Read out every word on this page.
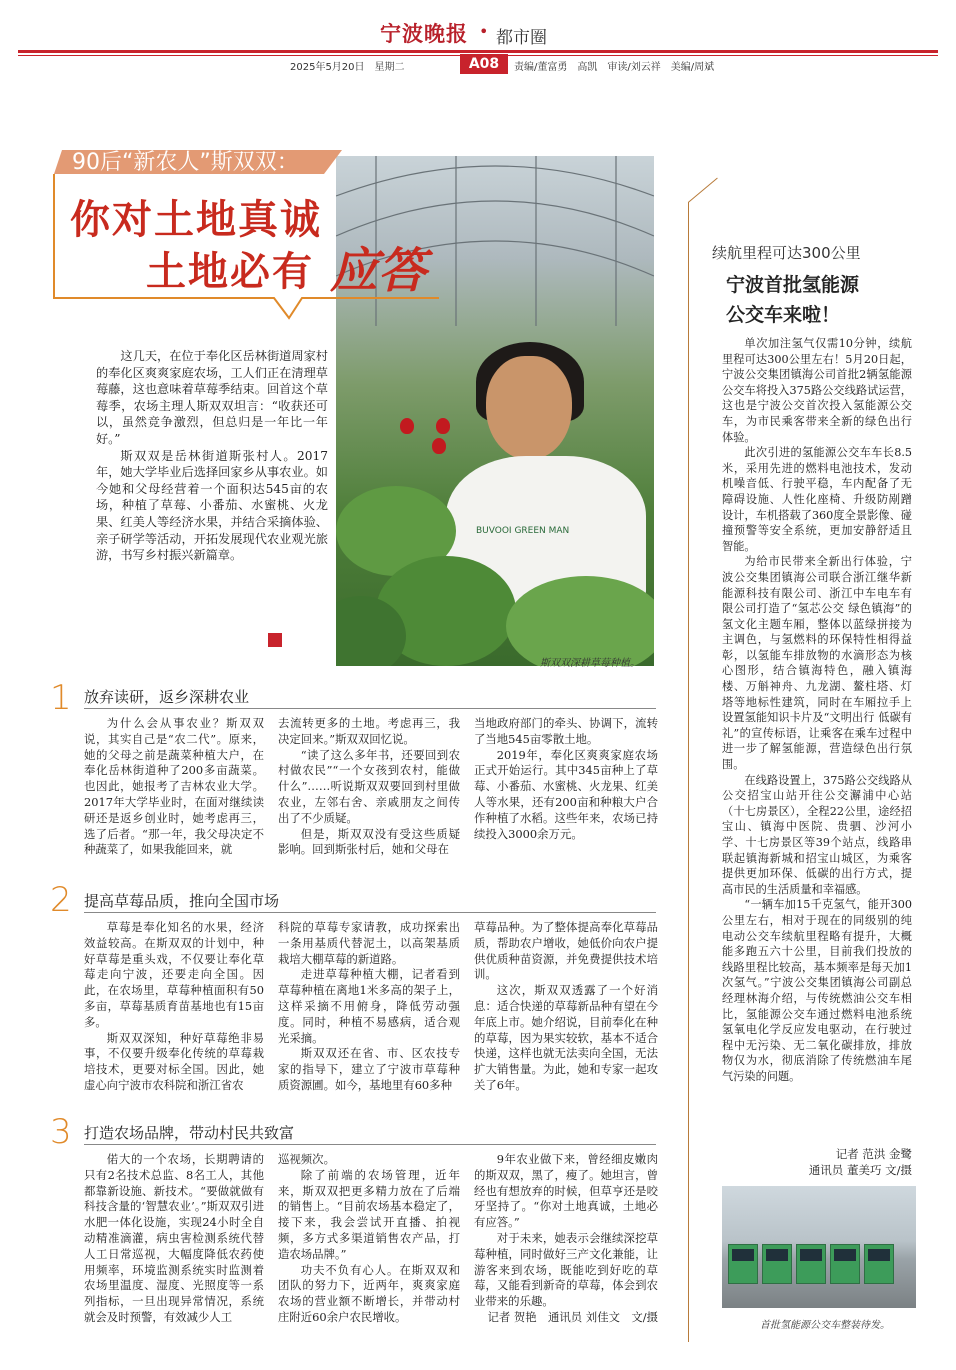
宁波晚报 • 都市圈
2025年5月20日　星期二	A08	责编/董富勇　高凯　审读/刘云祥　美编/周斌
BUVOOI GREEN MAN
斯双双深耕草莓种植。
90后“新农人”斯双双：
你对土地真诚
土地必有 应答

这几天，在位于奉化区岳林街道周家村的奉化区爽爽家庭农场，工人们正在清理草莓藤，这也意味着草莓季结束。回首这个草莓季，农场主理人斯双双坦言：“收获还可以，虽然竞争激烈，但总归是一年比一年好。”

斯双双是岳林街道斯张村人。2017年，她大学毕业后选择回家乡从事农业。如今她和父母经营着一个面积达545亩的农场，种植了草莓、小番茄、水蜜桃、火龙果、红美人等经济水果，并结合采摘体验、亲子研学等活动，开拓发展现代农业观光旅游，书写乡村振兴新篇章。

1 放弃读研，返乡深耕农业

为什么会从事农业？斯双双说，其实自己是“农二代”。原来，她的父母之前是蔬菜种植大户，在奉化岳林街道种了200多亩蔬菜。也因此，她报考了吉林农业大学。2017年大学毕业时，在面对继续读研还是返乡创业时，她考虑再三，选了后者。“那一年，我父母决定不种蔬菜了，如果我能回来，就

去流转更多的土地。考虑再三，我决定回来。”斯双双回忆说。

“读了这么多年书，还要回到农村做农民”“一个女孩到农村，能做什么”……听说斯双双要回到村里做农业，左邻右舍、亲戚朋友之间传出了不少质疑。

但是，斯双双没有受这些质疑影响。回到斯张村后，她和父母在

当地政府部门的牵头、协调下，流转了当地545亩零散土地。

2019年，奉化区爽爽家庭农场正式开始运行。其中345亩种上了草莓、小番茄、水蜜桃、火龙果、红美人等水果，还有200亩和种粮大户合作种植了水稻。这些年来，农场已持续投入3000余万元。

2 提高草莓品质，推向全国市场

草莓是奉化知名的水果，经济效益较高。在斯双双的计划中，种好草莓是重头戏，不仅要让奉化草莓走向宁波，还要走向全国。因此，在农场里，草莓种植面积有50多亩，草莓基质育苗基地也有15亩多。

斯双双深知，种好草莓绝非易事，不仅要升级奉化传统的草莓栽培技术，更要对标全国。因此，她虚心向宁波市农科院和浙江省农

科院的草莓专家请教，成功探索出一条用基质代替泥土，以高架基质栽培大棚草莓的新道路。

走进草莓种植大棚，记者看到草莓种植在离地1米多高的架子上，这样采摘不用俯身，降低劳动强度。同时，种植不易感病，适合观光采摘。

斯双双还在省、市、区农技专家的指导下，建立了宁波市草莓种质资源圃。如今，基地里有60多种

草莓品种。为了整体提高奉化草莓品质，帮助农户增收，她低价向农户提供优质种苗资源，并免费提供技术培训。

这次，斯双双透露了一个好消息：适合快递的草莓新品种有望在今年底上市。她介绍说，目前奉化在种的草莓，因为果实较软，基本不适合快递，这样也就无法卖向全国，无法扩大销售量。为此，她和专家一起攻关了6年。

3 打造农场品牌，带动村民共致富

偌大的一个农场，长期聘请的只有2名技术总监、8名工人，其他都靠新设施、新技术。“要做就做有科技含量的‘智慧农业’。”斯双双引进水肥一体化设施，实现24小时全自动精准滴灌，病虫害检测系统代替人工日常巡视，大幅度降低农药使用频率，环境监测系统实时监测着农场里温度、湿度、光照度等一系列指标，一旦出现异常情况，系统就会及时预警，有效减少人工

巡视频次。

除了前端的农场管理，近年来，斯双双把更多精力放在了后端的销售上。“目前农场基本稳定了，接下来，我会尝试开直播、拍视频，多方式多渠道销售农产品，打造农场品牌。”

功夫不负有心人。在斯双双和团队的努力下，近两年，爽爽家庭农场的营业额不断增长，并带动村庄附近60余户农民增收。

9年农业做下来，曾经细皮嫩肉的斯双双，黑了，瘦了。她坦言，曾经也有想放弃的时候，但草亨还是咬牙坚持了。“你对土地真诚，土地必有应答。”

对于未来，她表示会继续深挖草莓种植，同时做好三产文化兼能，让游客来到农场，既能吃到好吃的草莓，又能看到新奇的草莓，体会到农业带来的乐趣。

记者 贺艳　通讯员 刘佳文　文/摄

续航里程可达300公里
宁波首批氢能源
公交车来啦！

单次加注氢气仅需10分钟，续航里程可达300公里左右！5月20日起，宁波公交集团镇海公司首批2辆氢能源公交车将投入375路公交线路试运营，这也是宁波公交首次投入氢能源公交车，为市民乘客带来全新的绿色出行体验。

此次引进的氢能源公交车车长8.5米，采用先进的燃料电池技术，发动机噪音低、行驶平稳，车内配备了无障碍设施、人性化座椅、升级防剐蹭设计，车机搭载了360度全景影像、碰撞预警等安全系统，更加安静舒适且智能。

为给市民带来全新出行体验，宁波公交集团镇海公司联合浙江继华新能源科技有限公司、浙江中车电车有限公司打造了“氢芯公交 绿色镇海”的氢文化主题车厢，整体以蓝绿拼接为主调色，与氢燃料的环保特性相得益彰，以氢能车排放物的水滴形态为核心图形，结合镇海特色，融入镇海楼、万斛神舟、九龙湖、鳌柱塔、灯塔等地标性建筑，同时在车厢拉手上设置氢能知识卡片及“文明出行 低碳有礼”的宣传标语，让乘客在乘车过程中进一步了解氢能源，营造绿色出行氛围。

在线路设置上，375路公交线路从公交招宝山站开往公交澥浦中心站（十七房景区），全程22公里，途经招宝山、镇海中医院、贵驷、沙河小学、十七房景区等39个站点，线路串联起镇海新城和招宝山城区，为乘客提供更加环保、低碳的出行方式，提高市民的生活质量和幸福感。

“一辆车加15千克氢气，能开300公里左右，相对于现在的同级别的纯电动公交车续航里程略有提升，大概能多跑五六十公里，目前我们投放的线路里程比较高，基本频率是每天加1次氢气。”宁波公交集团镇海公司副总经理林海介绍，与传统燃油公交车相比，氢能源公交车通过燃料电池系统氢氧电化学反应发电驱动，在行驶过程中无污染、无二氧化碳排放，排放物仅为水，彻底消除了传统燃油车尾气污染的问题。

记者 范洪 金鹭
通讯员 董美巧 文/摄
首批氢能源公交车整装待发。
